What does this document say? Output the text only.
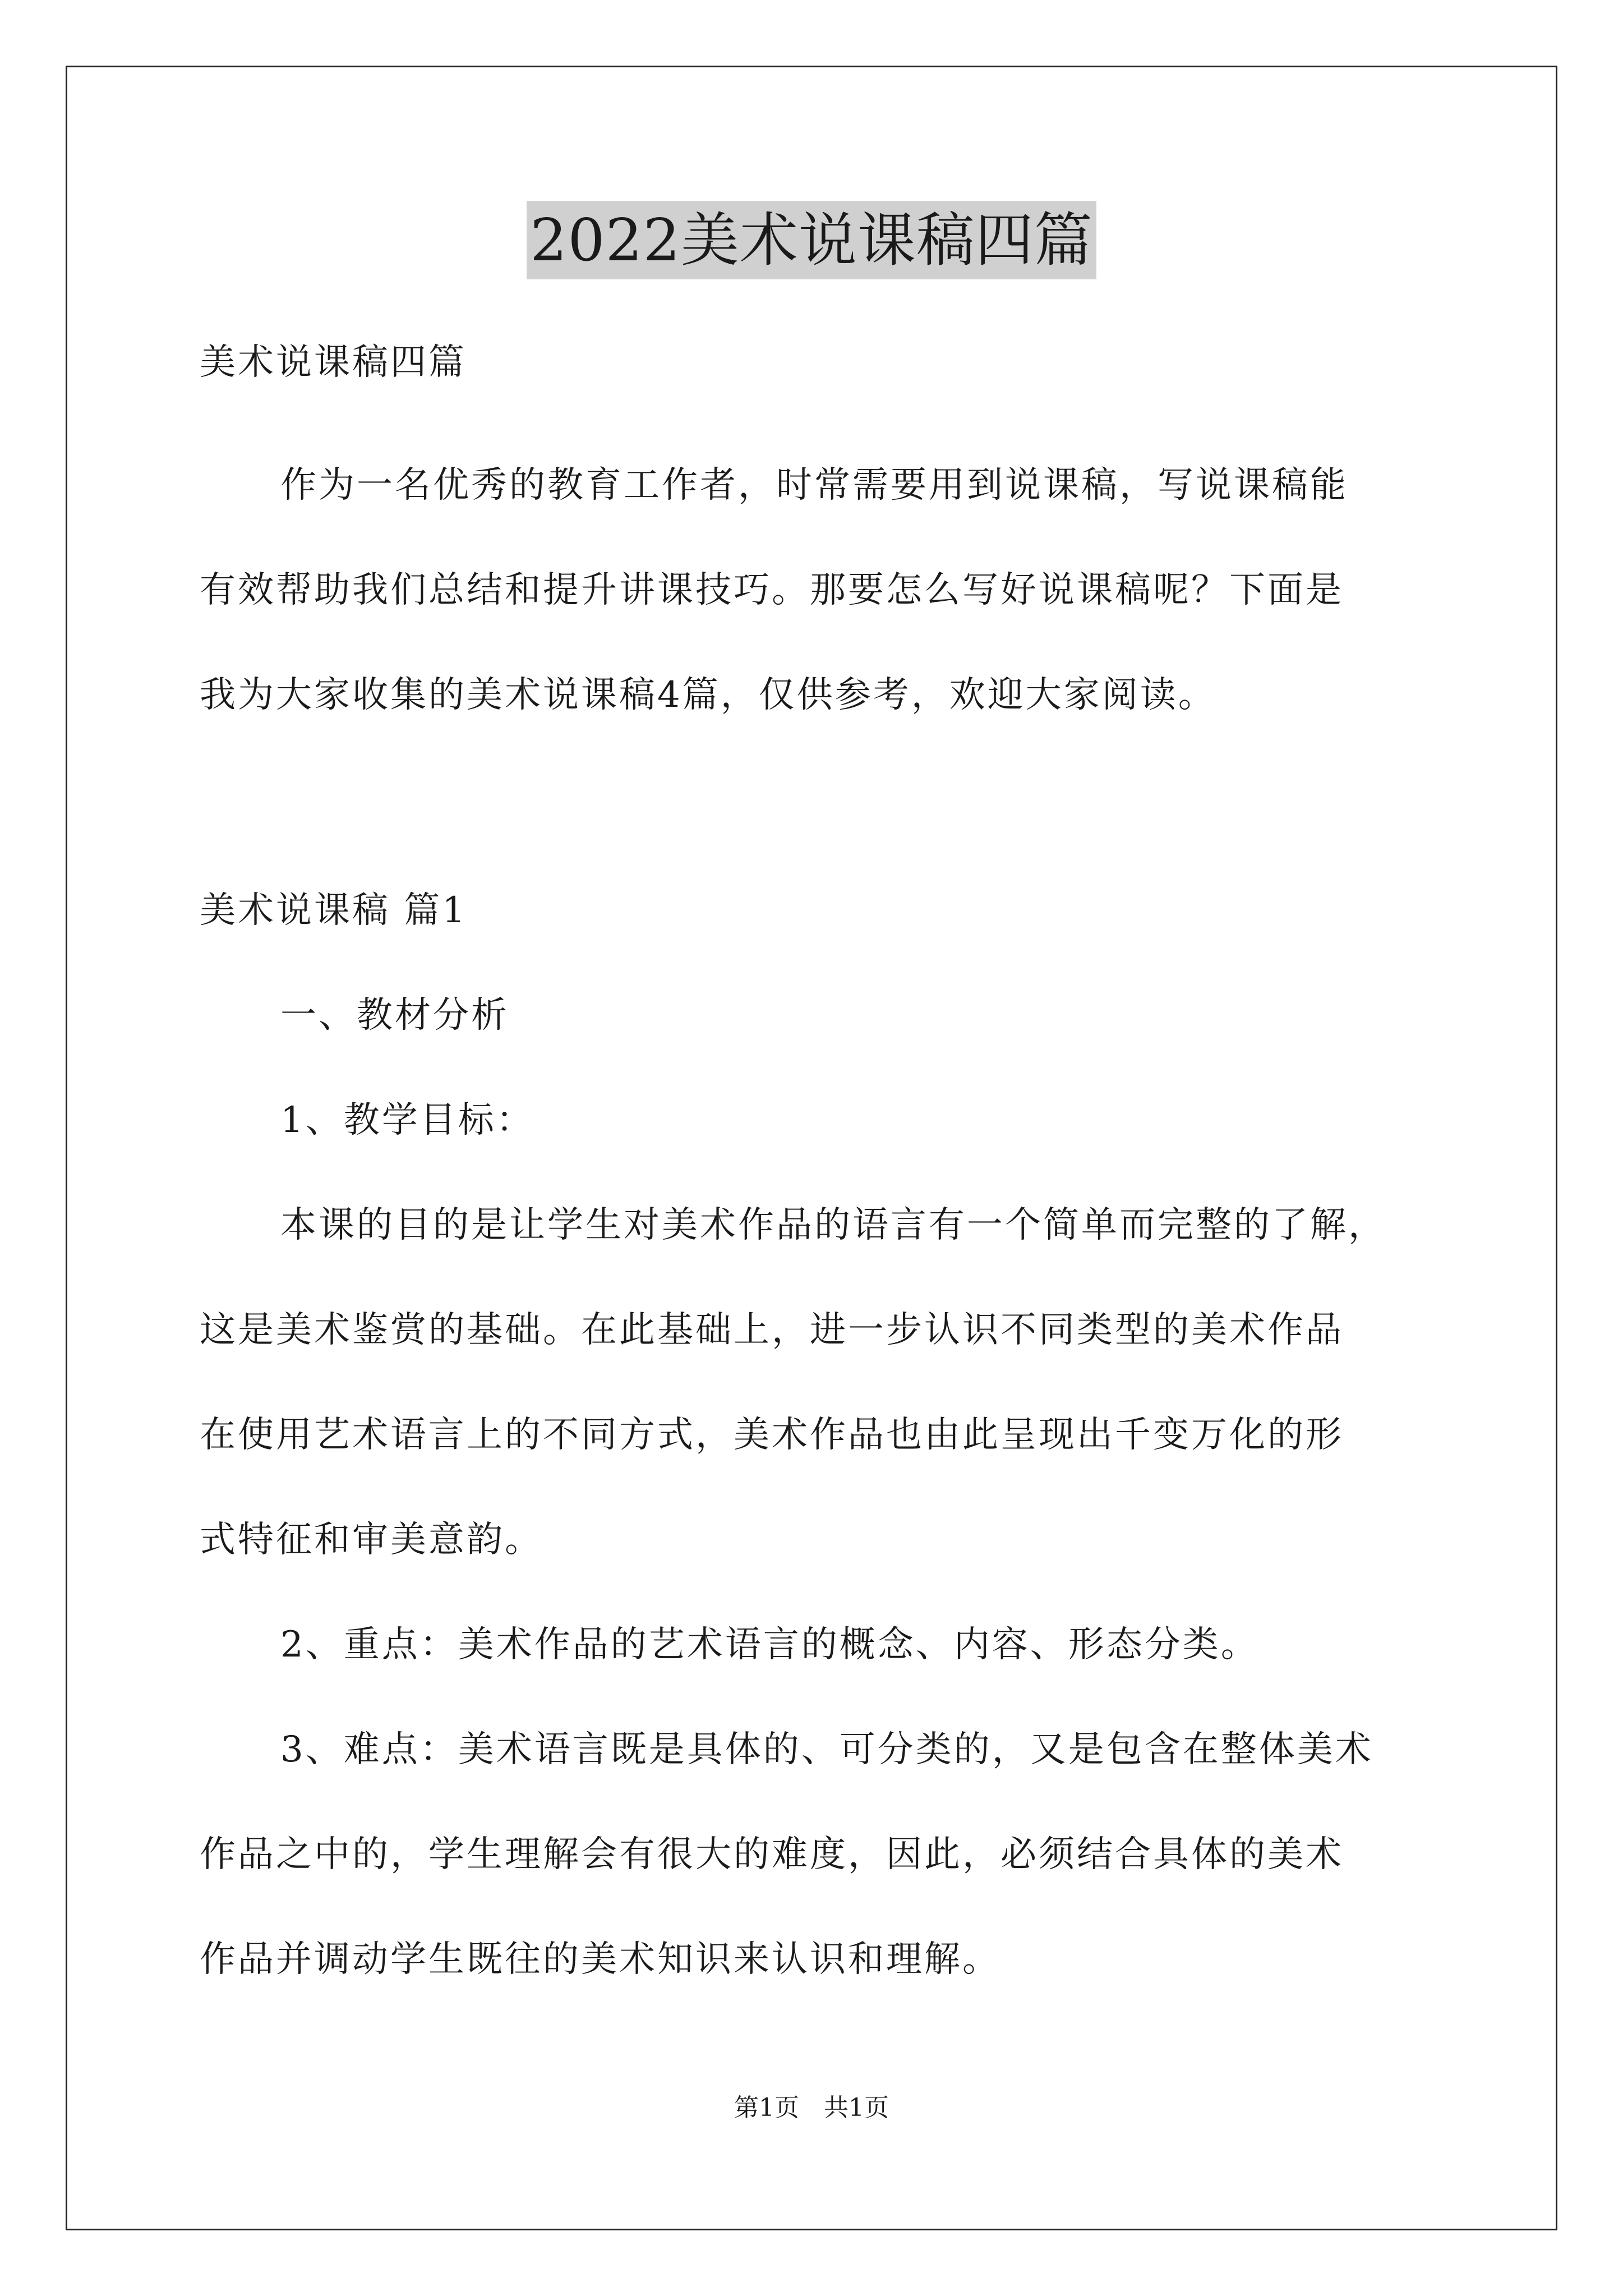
2022美术说课稿四篇
美术说课稿四篇
作为一名优秀的教育工作者，时常需要用到说课稿，写说课稿能
有效帮助我们总结和提升讲课技巧。那要怎么写好说课稿呢？下面是
我为大家收集的美术说课稿4篇，仅供参考，欢迎大家阅读。
美术说课稿 篇1
一、教材分析
1、教学目标：
本课的目的是让学生对美术作品的语言有一个简单而完整的了解，
这是美术鉴赏的基础。在此基础上，进一步认识不同类型的美术作品
在使用艺术语言上的不同方式，美术作品也由此呈现出千变万化的形
式特征和审美意韵。
2、重点：美术作品的艺术语言的概念、内容、形态分类。
3、难点：美术语言既是具体的、可分类的，又是包含在整体美术
作品之中的，学生理解会有很大的难度，因此，必须结合具体的美术
作品并调动学生既往的美术知识来认识和理解。
第1页　共1页
